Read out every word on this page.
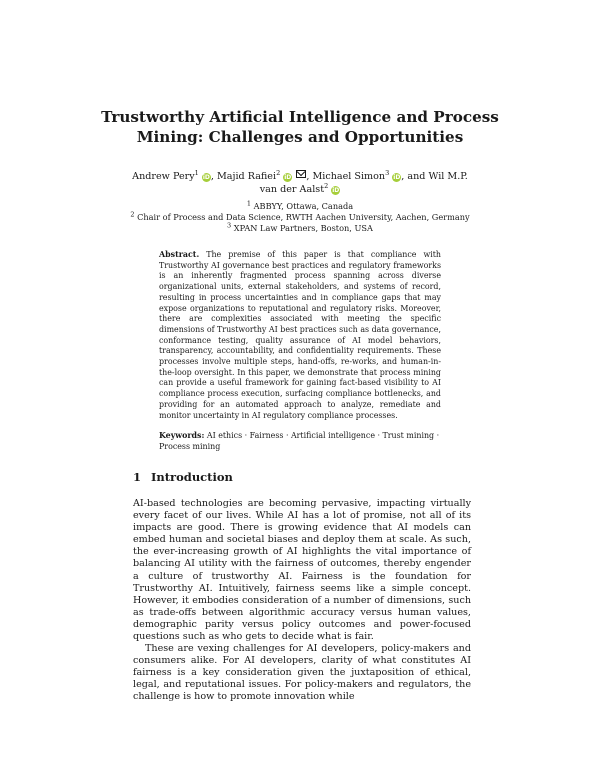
Trustworthy Artificial Intelligence and Process Mining: Challenges and Opportunities
Andrew Pery$^1$ iD, Majid Rafiei$^2$ iD , Michael Simon$^3$ iD, and Wil M.P. van der Aalst$^2$ iD
$^1$ ABBYY, Ottawa, Canada
$^2$ Chair of Process and Data Science, RWTH Aachen University, Aachen, Germany
$^3$ XPAN Law Partners, Boston, USA
Abstract. The premise of this paper is that compliance with Trustworthy AI governance best practices and regulatory frameworks is an inherently fragmented process spanning across diverse organizational units, external stakeholders, and systems of record, resulting in process uncertainties and in compliance gaps that may expose organizations to reputational and regulatory risks. Moreover, there are complexities associated with meeting the specific dimensions of Trustworthy AI best practices such as data governance, conformance testing, quality assurance of AI model behaviors, transparency, accountability, and confidentiality requirements. These processes involve multiple steps, hand-offs, re-works, and human-in-the-loop oversight. In this paper, we demonstrate that process mining can provide a useful framework for gaining fact-based visibility to AI compliance process execution, surfacing compliance bottlenecks, and providing for an automated approach to analyze, remediate and monitor uncertainty in AI regulatory compliance processes.
Keywords: AI ethics · Fairness · Artificial intelligence · Trust mining · Process mining
1 Introduction
AI-based technologies are becoming pervasive, impacting virtually every facet of our lives. While AI has a lot of promise, not all of its impacts are good. There is growing evidence that AI models can embed human and societal biases and deploy them at scale. As such, the ever-increasing growth of AI highlights the vital importance of balancing AI utility with the fairness of outcomes, thereby engender a culture of trustworthy AI. Fairness is the foundation for Trustworthy AI. Intuitively, fairness seems like a simple concept. However, it embodies consideration of a number of dimensions, such as trade-offs between algorithmic accuracy versus human values, demographic parity versus policy outcomes and power-focused questions such as who gets to decide what is fair.
These are vexing challenges for AI developers, policy-makers and consumers alike. For AI developers, clarity of what constitutes AI fairness is a key consideration given the juxtaposition of ethical, legal, and reputational issues. For policy-makers and regulators, the challenge is how to promote innovation while
